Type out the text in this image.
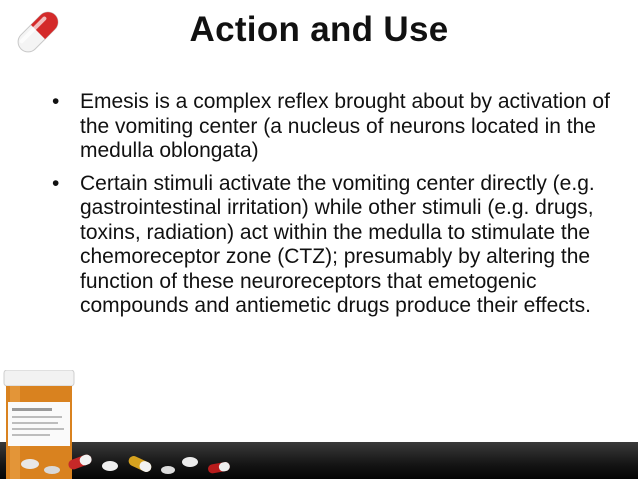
Action and Use
• Emesis is a complex reflex brought about by activation of the vomiting center (a nucleus of neurons located in the medulla oblongata)
• Certain stimuli activate the vomiting center directly (e.g. gastrointestinal irritation) while other stimuli (e.g. drugs, toxins, radiation) act within the medulla to stimulate the chemoreceptor zone (CTZ); presumably by altering the function of these neuroreceptors that emetogenic compounds and antiemetic drugs produce their effects.
